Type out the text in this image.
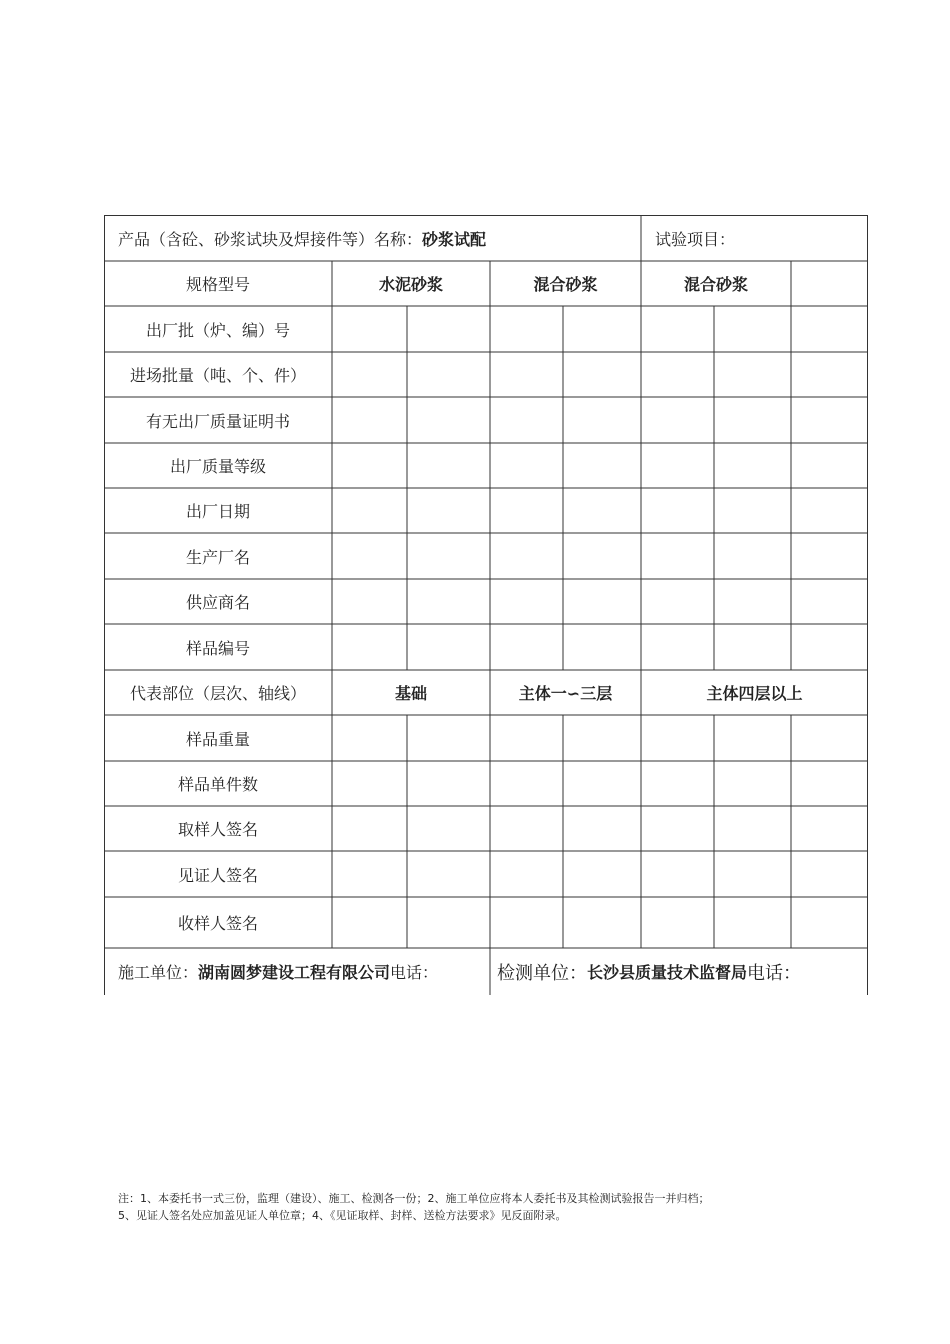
产品（含砼、砂浆试块及焊接件等）名称： 砂浆试配	试验项目：
规格型号	水泥砂浆	混合砂浆	混合砂浆
出厂批（炉、编）号
进场批量（吨、个、件）
有无出厂质量证明书
出厂质量等级
出厂日期
生产厂名
供应商名
样品编号
代表部位（层次、轴线）	基础	主体一∽三层	主体四层以上
样品重量
样品单件数
取样人签名
见证人签名
收样人签名
施工单位： 湖南圆梦建设工程有限公司 电话：	检测单位： 长沙县质量技术监督局 电话：
注：1、本委托书一式三份，监理（建设）、施工、检测各一份；2、施工单位应将本人委托书及其检测试验报告一并归档；
5、见证人签名处应加盖见证人单位章；4、《见证取样、封样、送检方法要求》见反面附录。
